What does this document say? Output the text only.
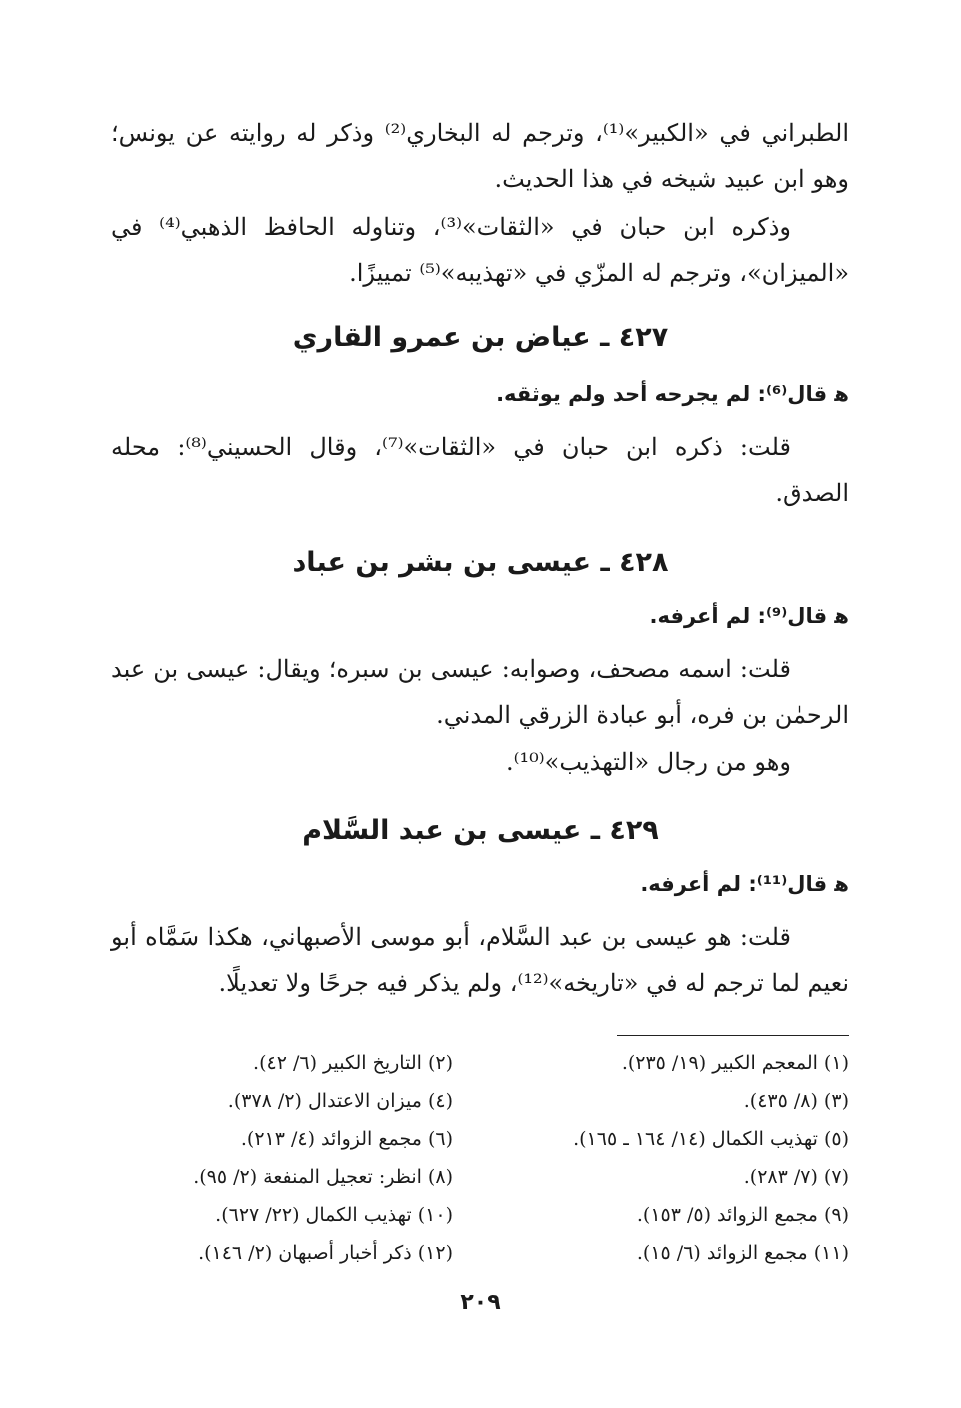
الطبراني في «الكبير»⁽¹⁾، وترجم له البخاري⁽²⁾ وذكر له روايته عن يونس؛ وهو ابن عبيد شيخه في هذا الحديث.

وذكره ابن حبان في «الثقات»⁽³⁾، وتناوله الحافظ الذهبي⁽⁴⁾ في «الميزان»، وترجم له المزّي في «تهذيبه»⁽⁵⁾ تمييزًا.

٤٢٧ ـ عياض بن عمرو القاري

ﻫ قال⁽⁶⁾: لم يجرحه أحد ولم يوثقه.

قلت: ذكره ابن حبان في «الثقات»⁽⁷⁾، وقال الحسيني⁽⁸⁾: محله الصدق.

٤٢٨ ـ عيسى بن بشر بن عباد

ﻫ قال⁽⁹⁾: لم أعرفه.

قلت: اسمه مصحف، وصوابه: عيسى بن سبره؛ ويقال: عيسى بن عبد الرحمٰن بن فره، أبو عبادة الزرقي المدني.

وهو من رجال «التهذيب»⁽¹⁰⁾.

٤٢٩ ـ عيسى بن عبد السَّلام

ﻫ قال⁽¹¹⁾: لم أعرفه.

قلت: هو عيسى بن عبد السَّلام، أبو موسى الأصبهاني، هكذا سَمَّاه أبو نعيم لما ترجم له في «تاريخه»⁽¹²⁾، ولم يذكر فيه جرحًا ولا تعديلًا.

(١) المعجم الكبير (١٩/ ٢٣٥).

(٢) التاريخ الكبير (٦/ ٤٢).

(٣) (٨/ ٤٣٥).

(٤) ميزان الاعتدال (٢/ ٣٧٨).

(٥) تهذيب الكمال (١٤/ ١٦٤ ـ ١٦٥).

(٦) مجمع الزوائد (٤/ ٢١٣).

(٧) (٧/ ٢٨٣).

(٨) انظر: تعجيل المنفعة (٢/ ٩٥).

(٩) مجمع الزوائد (٥/ ١٥٣).

(١٠) تهذيب الكمال (٢٢/ ٦٢٧).

(١١) مجمع الزوائد (٦/ ١٥).

(١٢) ذكر أخبار أصبهان (٢/ ١٤٦).

٢٠٩
